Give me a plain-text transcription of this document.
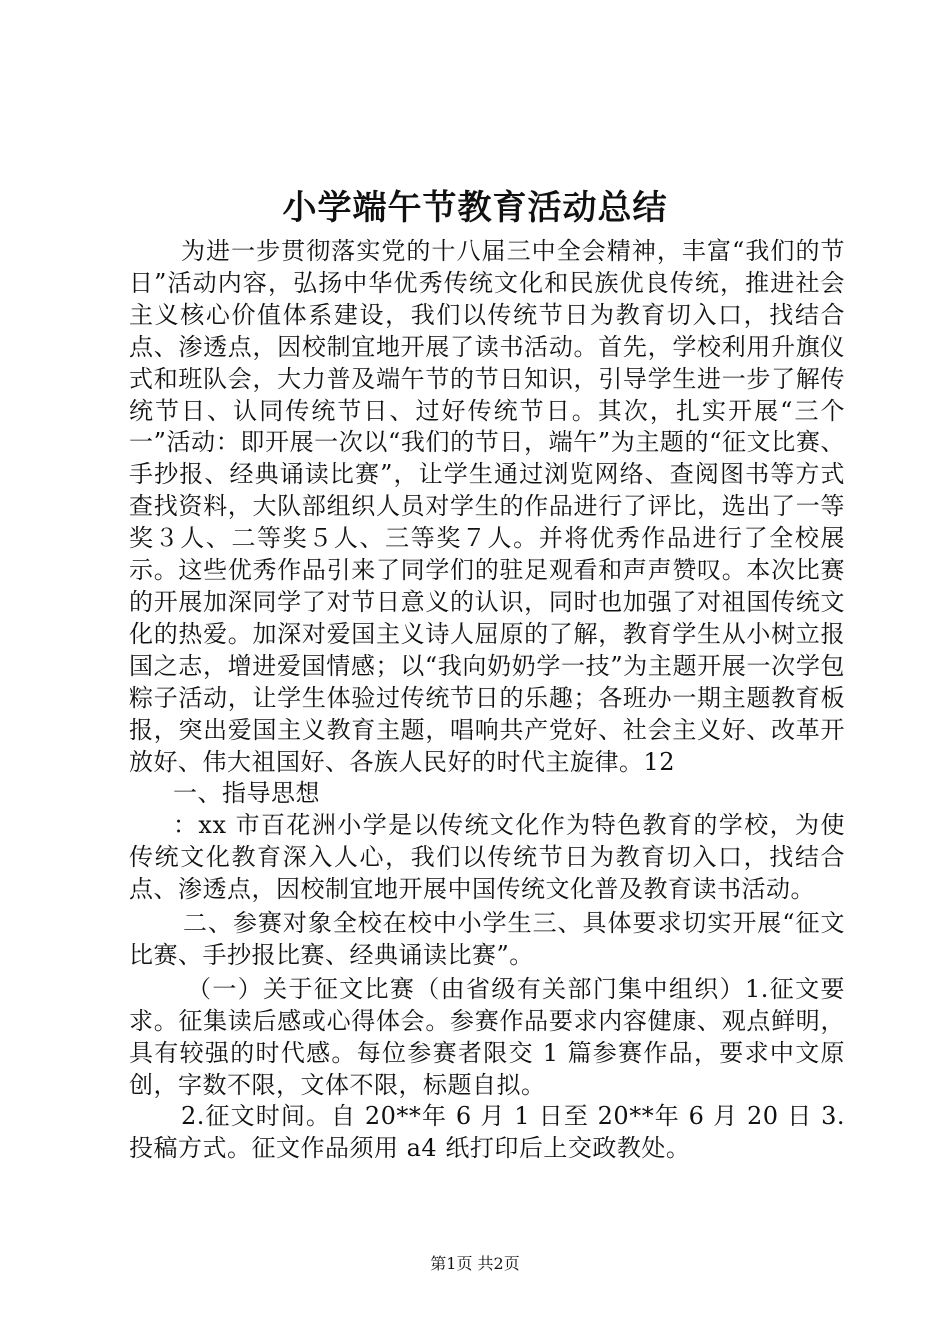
小学端午节教育活动总结

为进一步贯彻落实党的十八届三中全会精神，丰富“我们的节日”活动内容，弘扬中华优秀传统文化和民族优良传统，推进社会主义核心价值体系建设，我们以传统节日为教育切入口，找结合点、渗透点，因校制宜地开展了读书活动。首先，学校利用升旗仪式和班队会，大力普及端午节的节日知识，引导学生进一步了解传统节日、认同传统节日、过好传统节日。其次，扎实开展“三个一”活动：即开展一次以“我们的节日，端午”为主题的“征文比赛、手抄报、经典诵读比赛”，让学生通过浏览网络、查阅图书等方式查找资料，大队部组织人员对学生的作品进行了评比，选出了一等奖３人、二等奖５人、三等奖７人。并将优秀作品进行了全校展示。这些优秀作品引来了同学们的驻足观看和声声赞叹。本次比赛的开展加深同学了对节日意义的认识，同时也加强了对祖国传统文化的热爱。加深对爱国主义诗人屈原的了解，教育学生从小树立报国之志，增进爱国情感；以“我向奶奶学一技”为主题开展一次学包粽子活动，让学生体验过传统节日的乐趣；各班办一期主题教育板报，突出爱国主义教育主题，唱响共产党好、社会主义好、改革开放好、伟大祖国好、各族人民好的时代主旋律。12

一、指导思想

：xx 市百花洲小学是以传统文化作为特色教育的学校，为使传统文化教育深入人心，我们以传统节日为教育切入口，找结合点、渗透点，因校制宜地开展中国传统文化普及教育读书活动。

二、参赛对象全校在校中小学生三、具体要求切实开展“征文比赛、手抄报比赛、经典诵读比赛”。

（一）关于征文比赛（由省级有关部门集中组织）1.征文要求。征集读后感或心得体会。参赛作品要求内容健康、观点鲜明，具有较强的时代感。每位参赛者限交 1 篇参赛作品，要求中文原创，字数不限，文体不限，标题自拟。

2.征文时间。自 20**年 6 月 1 日至 20**年 6 月 20 日 3.投稿方式。征文作品须用 a4 纸打印后上交政教处。

第1页 共2页
